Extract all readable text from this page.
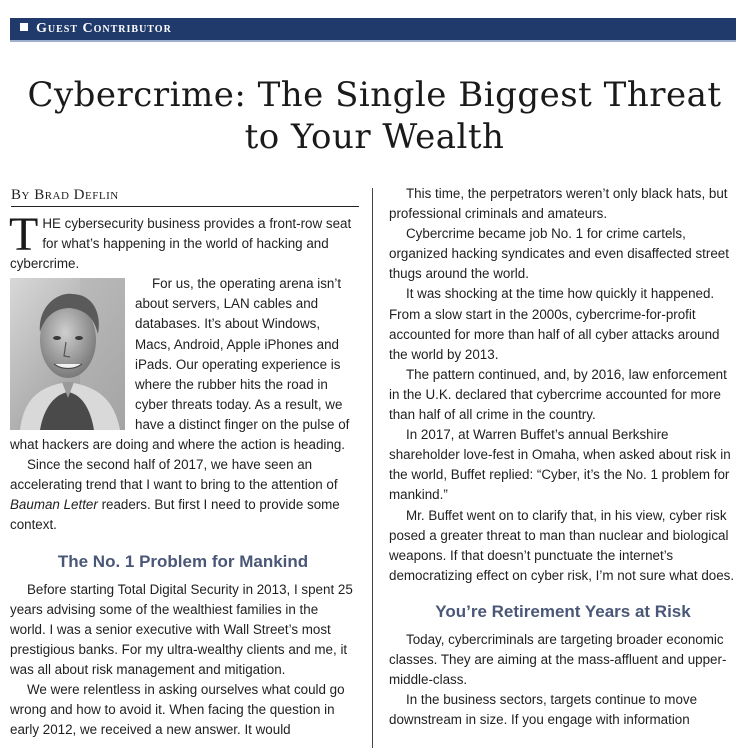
Guest Contributor
Cybercrime: The Single Biggest Threat
to Your Wealth
By Brad Deflin

T HE cybersecurity business provides a front-row seat for what’s happening in the world of hacking and cybercrime.

For us, the operating arena isn’t about servers, LAN cables and databases. It’s about Windows, Macs, Android, Apple iPhones and iPads. Our operating experience is where the rubber hits the road in cyber threats today. As a result, we have a distinct finger on the pulse of what hackers are doing and where the action is heading.

Since the second half of 2017, we have seen an accelerating trend that I want to bring to the attention of Bauman Letter readers. But first I need to provide some context.

The No. 1 Problem for Mankind

Before starting Total Digital Security in 2013, I spent 25 years advising some of the wealthiest families in the world. I was a senior executive with Wall Street’s most prestigious banks. For my ultra-wealthy clients and me, it was all about risk management and mitigation.

We were relentless in asking ourselves what could go wrong and how to avoid it. When facing the question in early 2012, we received a new answer. It would

This time, the perpetrators weren’t only black hats, but professional criminals and amateurs.

Cybercrime became job No. 1 for crime cartels, organized hacking syndicates and even disaffected street thugs around the world.

It was shocking at the time how quickly it happened. From a slow start in the 2000s, cybercrime-for-profit accounted for more than half of all cyber attacks around the world by 2013.

The pattern continued, and, by 2016, law enforcement in the U.K. declared that cybercrime accounted for more than half of all crime in the country.

In 2017, at Warren Buffet’s annual Berkshire shareholder love-fest in Omaha, when asked about risk in the world, Buffet replied: “Cyber, it’s the No. 1 problem for mankind.”

Mr. Buffet went on to clarify that, in his view, cyber risk posed a greater threat to man than nuclear and biological weapons. If that doesn’t punctuate the internet’s democratizing effect on cyber risk, I’m not sure what does.

You’re Retirement Years at Risk

Today, cybercriminals are targeting broader economic classes. They are aiming at the mass-affluent and upper-middle-class.

In the business sectors, targets continue to move downstream in size. If you engage with information
